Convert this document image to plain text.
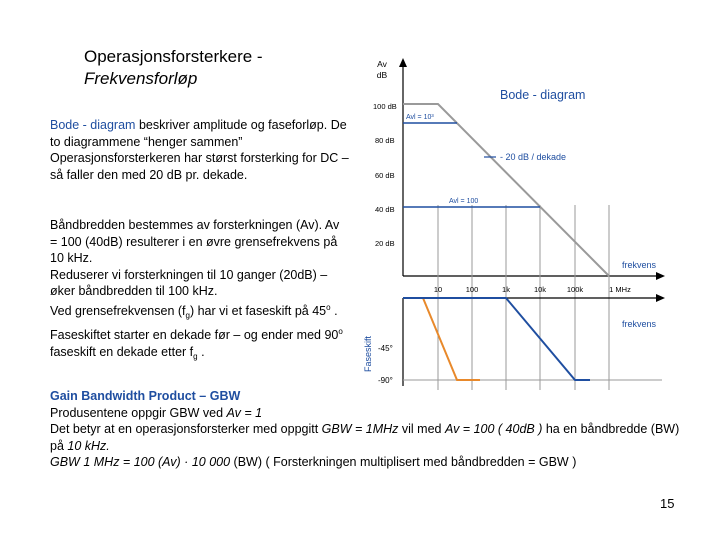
Operasjonsforsterkere -
Frekvensforløp
Bode - diagram beskriver amplitude og faseforløp. De to diagrammene “henger sammen”
Operasjonsforsterkeren har størst forsterking for DC – så faller den med 20 dB pr. dekade.
Båndbredden bestemmes av forsterkningen (Av). Av = 100 (40dB) resulterer i en øvre grensefrekvens på 10 kHz.
Reduserer vi forsterkningen til 10 ganger (20dB) – øker båndbredden til 100 kHz.
Ved grensefrekvensen $(f_g)$ har vi et faseskift på 45$^o$ . Faseskiftet starter en dekade før – og ender med 90$^o$ faseskift en dekade etter $f_g$ .
Gain Bandwidth Product – GBW
Produsentene oppgir GBW ved Av = 1
Det betyr at en operasjonsforsterker med oppgitt GBW = 1MHz vil med Av = 100 ( 40dB ) ha en båndbredde (BW) på 10 kHz.
GBW 1 MHz = 100 (Av) · 10 000 (BW) ( Forsterkningen multiplisert med båndbredden = GBW )
15
Av
dB
100 dB
80 dB
60 dB
40 dB
20 dB
Avl = 10³
Avl = 100
Bode - diagram
- 20 dB / dekade
frekvens
frekvens
10	100	1k	10k	100k	1 MHz
Faseskift -45°
-90°
